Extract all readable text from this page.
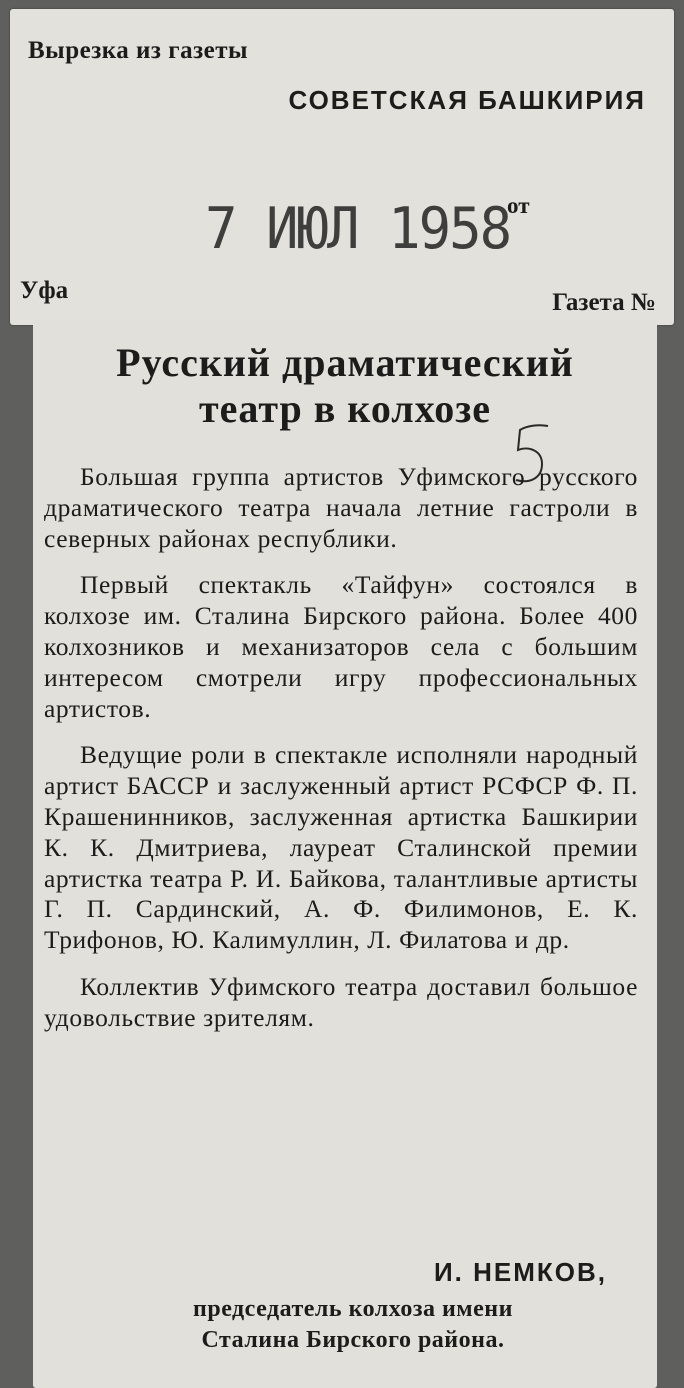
Вырезка из газеты
СОВЕТСКАЯ БАШКИРИЯ
от
7 ИЮЛ 1958
Уфа	Газета №
Русский драматический
театр в колхозе

Большая группа артистов Уфимского русского драматического театра начала летние гастроли в северных районах республики.

Первый спектакль «Тайфун» состоялся в колхозе им. Сталина Бирского района. Более 400 колхозников и механизаторов села с большим интересом смотрели игру профессиональных артистов.

Ведущие роли в спектакле исполняли народный артист БАССР и заслуженный артист РСФСР Ф. П. Крашенинников, заслуженная артистка Башкирии К. К. Дмитриева, лауреат Сталинской премии артистка театра Р. И. Байкова, талантливые артисты Г. П. Сардинский, А. Ф. Филимонов, Е. К. Трифонов, Ю. Калимуллин, Л. Филатова и др.

Коллектив Уфимского театра доставил большое удовольствие зрителям.

И. НЕМКОВ,
председатель колхоза имени
Сталина Бирского района.
